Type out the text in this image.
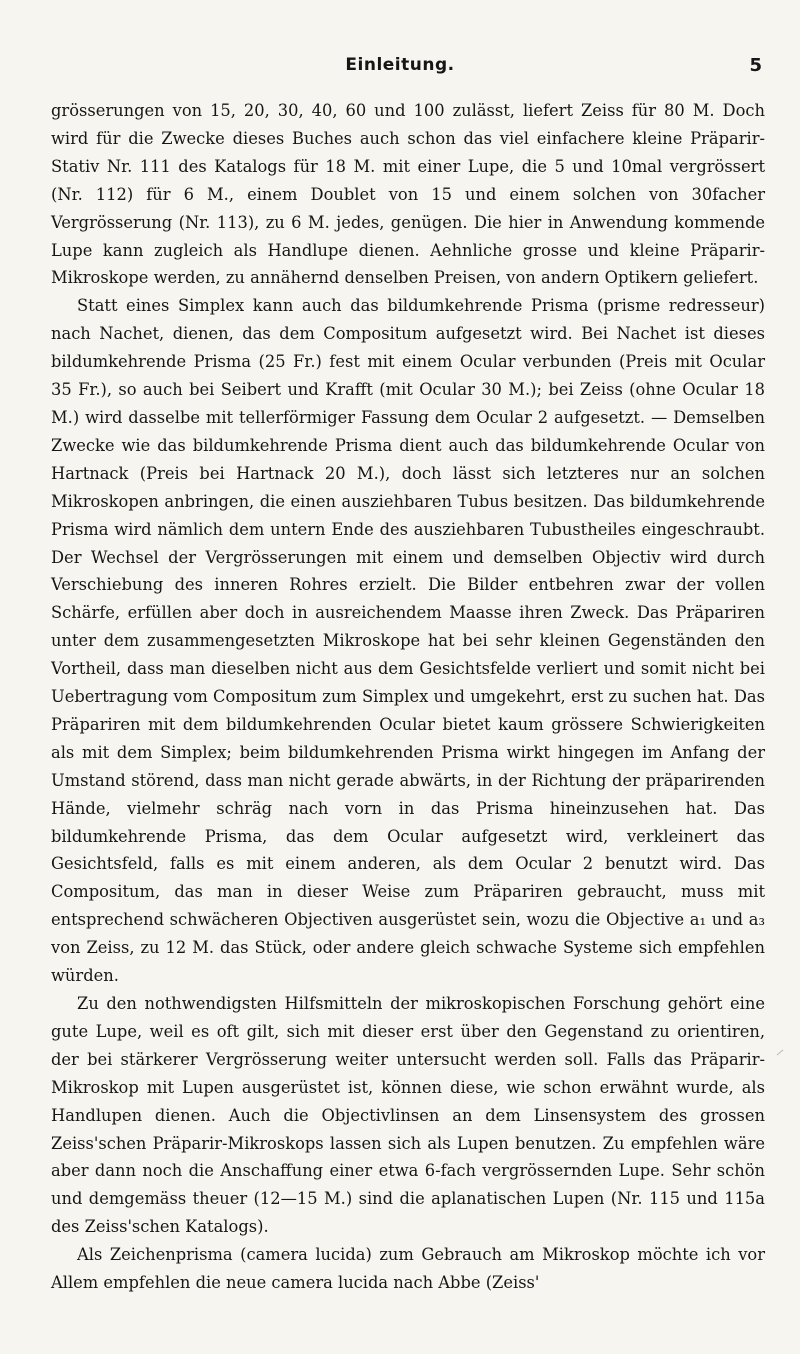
Einleitung.	5

grösserungen von 15, 20, 30, 40, 60 und 100 zulässt, liefert Zeiss für 80 M. Doch wird für die Zwecke dieses Buches auch schon das viel einfachere kleine Präparir-Stativ Nr. 111 des Katalogs für 18 M. mit einer Lupe, die 5 und 10mal vergrössert (Nr. 112) für 6 M., einem Doublet von 15 und einem solchen von 30facher Vergrösserung (Nr. 113), zu 6 M. jedes, genügen. Die hier in Anwendung kommende Lupe kann zugleich als Handlupe dienen. Aehnliche grosse und kleine Präparir-Mikroskope werden, zu annähernd denselben Preisen, von andern Optikern geliefert.

Statt eines Simplex kann auch das bildumkehrende Prisma (prisme redresseur) nach Nachet, dienen, das dem Compositum aufgesetzt wird. Bei Nachet ist dieses bildumkehrende Prisma (25 Fr.) fest mit einem Ocular verbunden (Preis mit Ocular 35 Fr.), so auch bei Seibert und Krafft (mit Ocular 30 M.); bei Zeiss (ohne Ocular 18 M.) wird dasselbe mit tellerförmiger Fassung dem Ocular 2 aufgesetzt. — Demselben Zwecke wie das bildumkehrende Prisma dient auch das bildumkehrende Ocular von Hartnack (Preis bei Hartnack 20 M.), doch lässt sich letzteres nur an solchen Mikroskopen anbringen, die einen ausziehbaren Tubus besitzen. Das bildumkehrende Prisma wird nämlich dem untern Ende des ausziehbaren Tubustheiles eingeschraubt. Der Wechsel der Vergrösserungen mit einem und demselben Objectiv wird durch Verschiebung des inneren Rohres erzielt. Die Bilder entbehren zwar der vollen Schärfe, erfüllen aber doch in ausreichendem Maasse ihren Zweck. Das Präpariren unter dem zusammengesetzten Mikroskope hat bei sehr kleinen Gegenständen den Vortheil, dass man dieselben nicht aus dem Gesichtsfelde verliert und somit nicht bei Uebertragung vom Compositum zum Simplex und umgekehrt, erst zu suchen hat. Das Präpariren mit dem bildumkehrenden Ocular bietet kaum grössere Schwierigkeiten als mit dem Simplex; beim bildumkehrenden Prisma wirkt hingegen im Anfang der Umstand störend, dass man nicht gerade abwärts, in der Richtung der präparirenden Hände, vielmehr schräg nach vorn in das Prisma hineinzusehen hat. Das bildumkehrende Prisma, das dem Ocular aufgesetzt wird, verkleinert das Gesichtsfeld, falls es mit einem anderen, als dem Ocular 2 benutzt wird. Das Compositum, das man in dieser Weise zum Präpariren gebraucht, muss mit entsprechend schwächeren Objectiven ausgerüstet sein, wozu die Objective a₁ und a₃ von Zeiss, zu 12 M. das Stück, oder andere gleich schwache Systeme sich empfehlen würden.

Zu den nothwendigsten Hilfsmitteln der mikroskopischen Forschung gehört eine gute Lupe, weil es oft gilt, sich mit dieser erst über den Gegenstand zu orientiren, der bei stärkerer Vergrösserung weiter untersucht werden soll. Falls das Präparir-Mikroskop mit Lupen ausgerüstet ist, können diese, wie schon erwähnt wurde, als Handlupen dienen. Auch die Objectivlinsen an dem Linsensystem des grossen Zeiss'schen Präparir-Mikroskops lassen sich als Lupen benutzen. Zu empfehlen wäre aber dann noch die Anschaffung einer etwa 6-fach vergrössernden Lupe. Sehr schön und demgemäss theuer (12—15 M.) sind die aplanatischen Lupen (Nr. 115 und 115a des Zeiss'schen Katalogs).

Als Zeichenprisma (camera lucida) zum Gebrauch am Mikroskop möchte ich vor Allem empfehlen die neue camera lucida nach Abbe (Zeiss'
